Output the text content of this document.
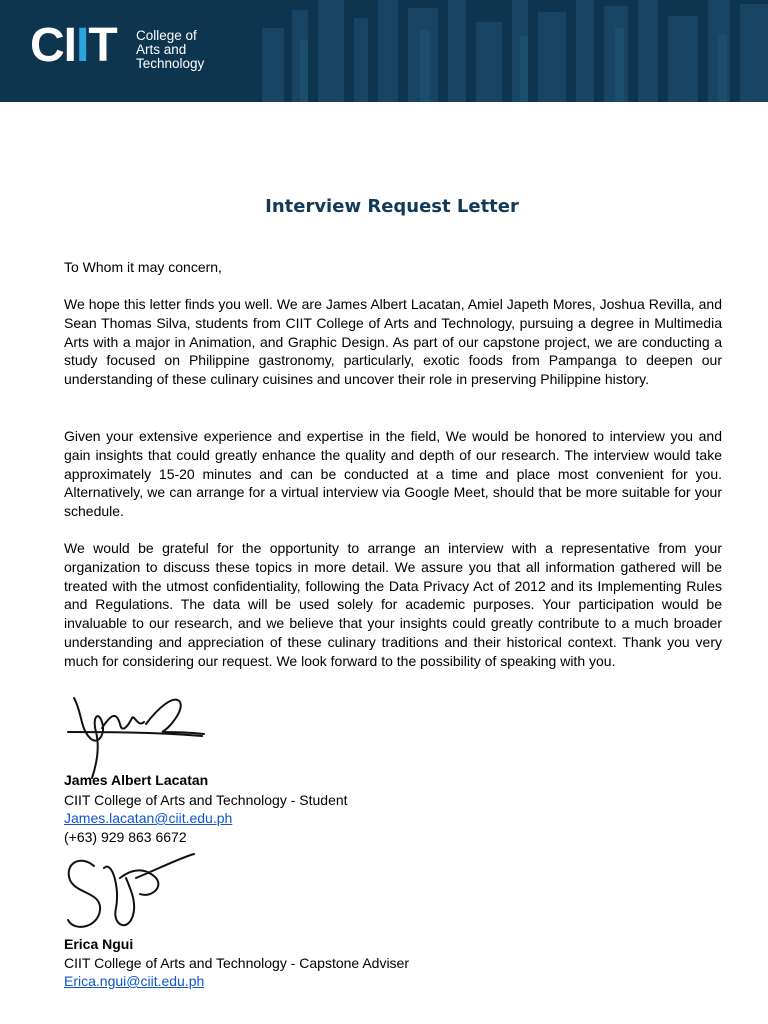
CIIT College of
Arts and
Technology
Interview Request Letter

To Whom it may concern,

We hope this letter finds you well. We are James Albert Lacatan, Amiel Japeth Mores, Joshua Revilla, and Sean Thomas Silva, students from CIIT College of Arts and Technology, pursuing a degree in Multimedia Arts with a major in Animation, and Graphic Design. As part of our capstone project, we are conducting a study focused on Philippine gastronomy, particularly, exotic foods from Pampanga to deepen our understanding of these culinary cuisines and uncover their role in preserving Philippine history.

Given your extensive experience and expertise in the field, We would be honored to interview you and gain insights that could greatly enhance the quality and depth of our research. The interview would take approximately 15-20 minutes and can be conducted at a time and place most convenient for you. Alternatively, we can arrange for a virtual interview via Google Meet, should that be more suitable for your schedule.

We would be grateful for the opportunity to arrange an interview with a representative from your organization to discuss these topics in more detail. We assure you that all information gathered will be treated with the utmost confidentiality, following the Data Privacy Act of 2012 and its Implementing Rules and Regulations. The data will be used solely for academic purposes. Your participation would be invaluable to our research, and we believe that your insights could greatly contribute to a much broader understanding and appreciation of these culinary traditions and their historical context. Thank you very much for considering our request. We look forward to the possibility of speaking with you.

James Albert Lacatan
CIIT College of Arts and Technology - Student
James.lacatan@ciit.edu.ph
(+63) 929 863 6672
Erica Ngui
CIIT College of Arts and Technology - Capstone Adviser
Erica.ngui@ciit.edu.ph
